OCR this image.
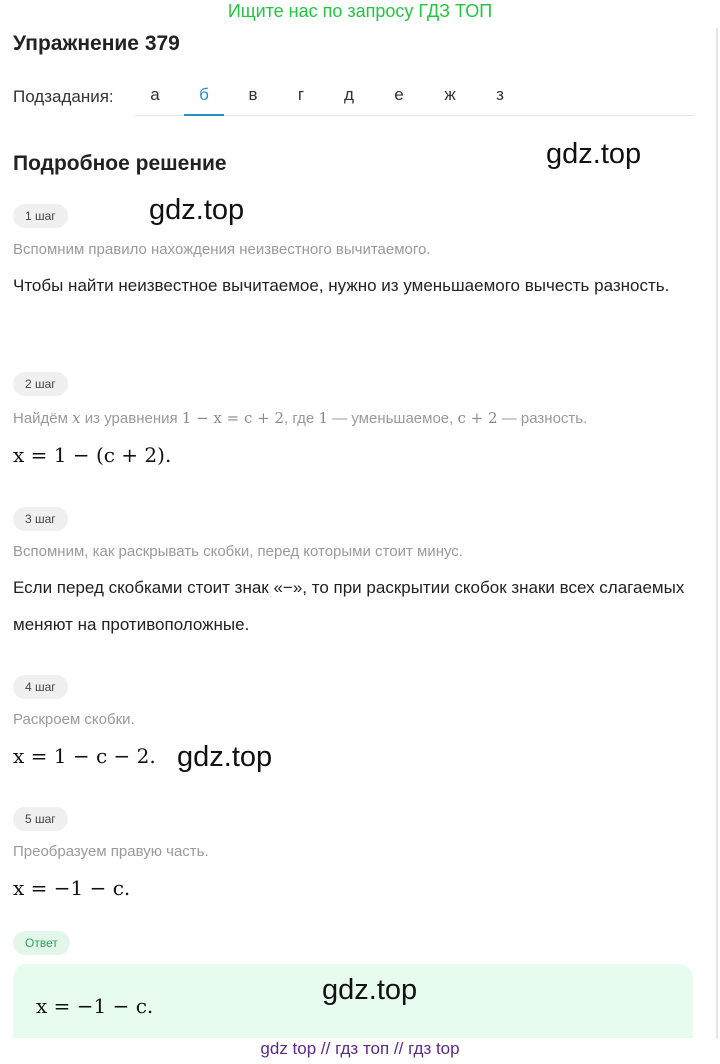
Ищите нас по запросу ГДЗ ТОП
Упражнение 379
Подзадания:	а	б	в	г	д	е	ж	з
Подробное решение	gdz.top
gdz.top
gdz.top
gdz.top
1 шаг
Вспомним правило нахождения неизвестного вычитаемого.
Чтобы найти неизвестное вычитаемое, нужно из уменьшаемого вычесть разность.
2 шаг
Найдём x из уравнения 1 − x = c + 2, где 1 — уменьшаемое, c + 2 — разность.
x = 1 − (c + 2).
3 шаг
Вспомним, как раскрывать скобки, перед которыми стоит минус.
Если перед скобками стоит знак «−», то при раскрытии скобок знаки всех слагаемых меняют на противоположные.
4 шаг
Раскроем скобки.
x = 1 − c − 2.
5 шаг
Преобразуем правую часть.
x = −1 − c.
Ответ
x = −1 − c.
gdz top // гдз топ // гдз top
